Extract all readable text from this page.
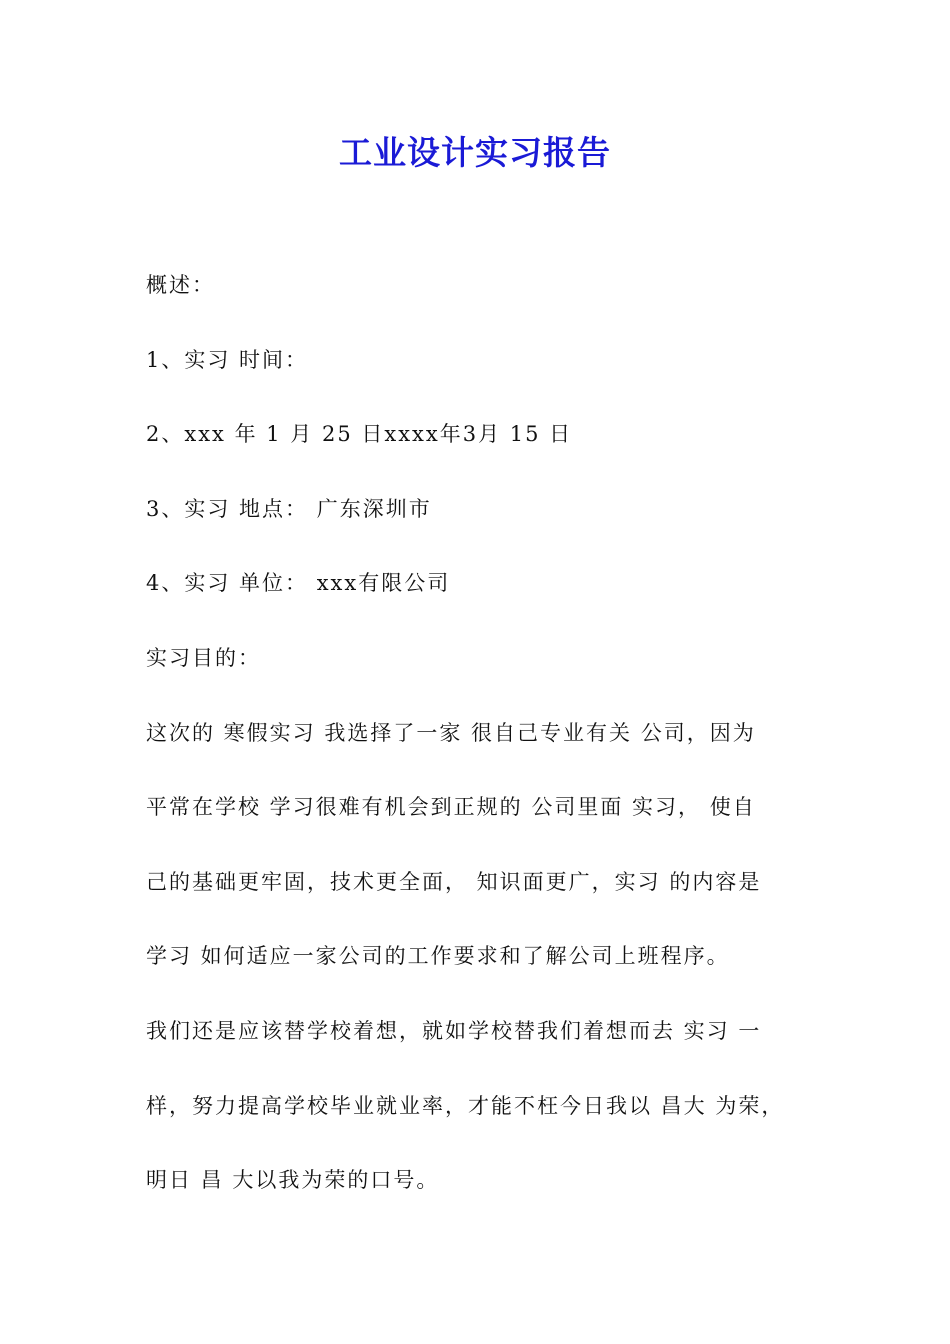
工业设计实习报告
概述：
1、实习 时间：
2、xxx 年 1 月 25 日xxxx年3月 15 日
3、实习 地点： 广东深圳市
4、实习 单位： xxx有限公司
实习目的：
这次的 寒假实习 我选择了一家 很自己专业有关 公司，因为
平常在学校 学习很难有机会到正规的 公司里面 实习， 使自
己的基础更牢固，技术更全面， 知识面更广，实习 的内容是
学习 如何适应一家公司的工作要求和了解公司上班程序。
我们还是应该替学校着想，就如学校替我们着想而去 实习 一
样，努力提高学校毕业就业率，才能不枉今日我以 昌大 为荣，
明日 昌 大以我为荣的口号。
